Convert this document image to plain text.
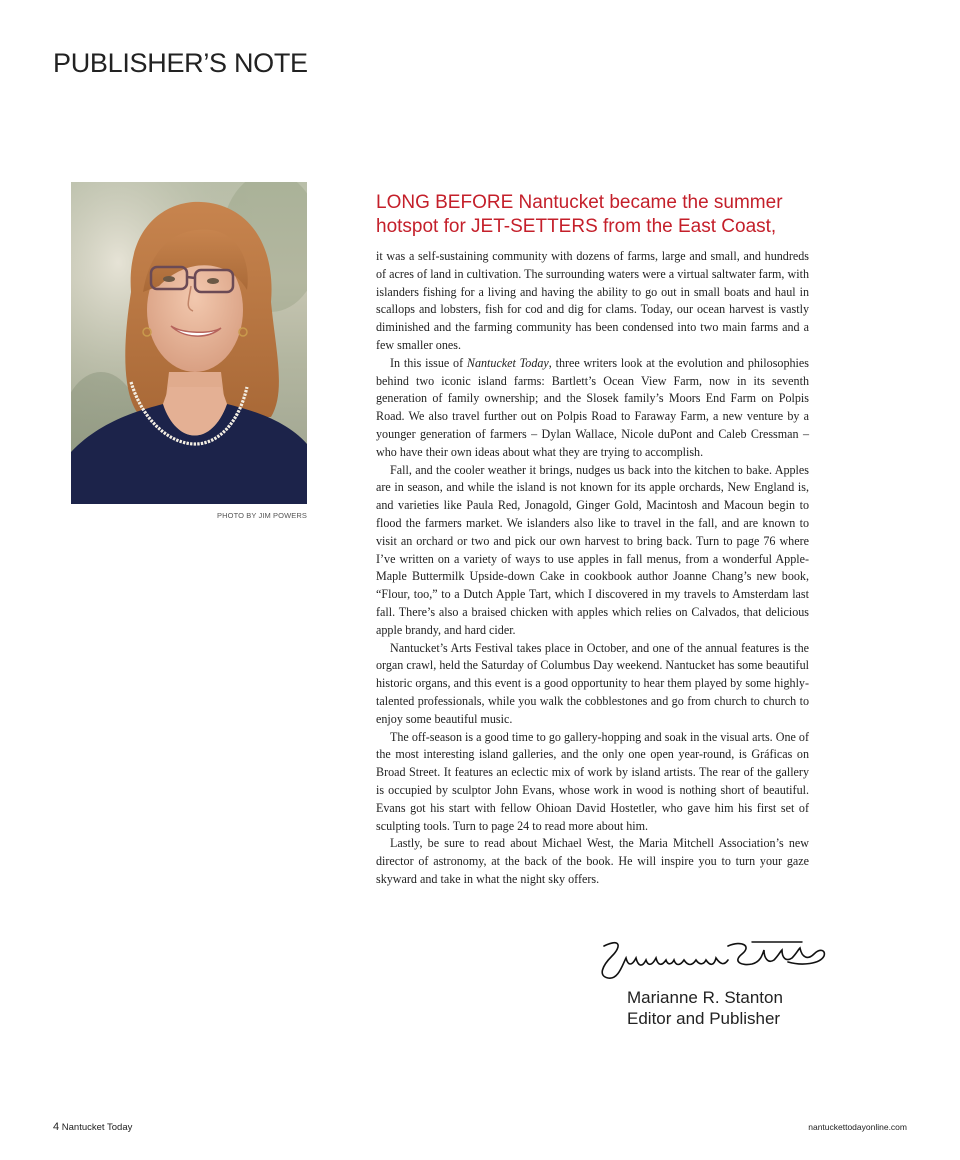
PUBLISHER’S NOTE
PHOTO BY JIM POWERS
LONG BEFORE Nantucket became the summer hotspot for JET-SETTERS from the East Coast,

it was a self-sustaining community with dozens of farms, large and small, and hundreds of acres of land in cultivation. The surrounding waters were a virtual saltwater farm, with islanders fishing for a living and having the ability to go out in small boats and haul in scallops and lobsters, fish for cod and dig for clams. Today, our ocean harvest is vastly diminished and the farming community has been condensed into two main farms and a few smaller ones.

In this issue of Nantucket Today, three writers look at the evolution and philosophies behind two iconic island farms: Bartlett’s Ocean View Farm, now in its seventh generation of family ownership; and the Slosek family’s Moors End Farm on Polpis Road. We also travel further out on Polpis Road to Faraway Farm, a new venture by a younger generation of farmers – Dylan Wallace, Nicole duPont and Caleb Cressman – who have their own ideas about what they are trying to accomplish.

Fall, and the cooler weather it brings, nudges us back into the kitchen to bake. Apples are in season, and while the island is not known for its apple orchards, New England is, and varieties like Paula Red, Jonagold, Ginger Gold, Macintosh and Macoun begin to flood the farmers market. We islanders also like to travel in the fall, and are known to visit an orchard or two and pick our own harvest to bring back. Turn to page 76 where I’ve written on a variety of ways to use apples in fall menus, from a wonderful Apple-Maple Buttermilk Upside-down Cake in cookbook author Joanne Chang’s new book, “Flour, too,” to a Dutch Apple Tart, which I discovered in my travels to Amsterdam last fall. There’s also a braised chicken with apples which relies on Calvados, that delicious apple brandy, and hard cider.

Nantucket’s Arts Festival takes place in October, and one of the annual features is the organ crawl, held the Saturday of Columbus Day weekend. Nantucket has some beautiful historic organs, and this event is a good opportunity to hear them played by some highly-talented professionals, while you walk the cobblestones and go from church to church to enjoy some beautiful music.

The off-season is a good time to go gallery-hopping and soak in the visual arts. One of the most interesting island galleries, and the only one open year-round, is Gráficas on Broad Street. It features an eclectic mix of work by island artists. The rear of the gallery is occupied by sculptor John Evans, whose work in wood is nothing short of beautiful. Evans got his start with fellow Ohioan David Hostetler, who gave him his first set of sculpting tools. Turn to page 24 to read more about him.

Lastly, be sure to read about Michael West, the Maria Mitchell Association’s new director of astronomy, at the back of the book. He will inspire you to turn your gaze skyward and take in what the night sky offers.

Marianne R. Stanton
Editor and Publisher
4 Nantucket Today	nantuckettodayonline.com
